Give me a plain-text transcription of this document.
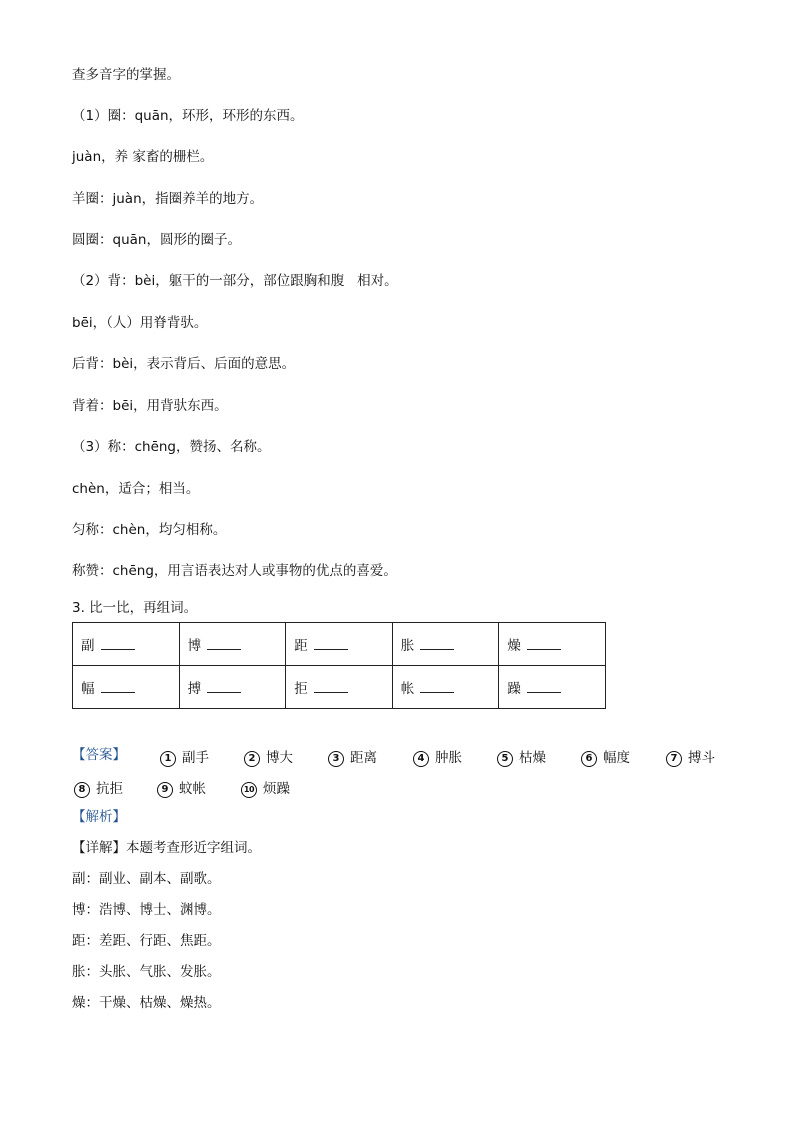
查多音字的掌握。
（1）圈：quān，环形，环形的东西。
juàn，养 家畜的栅栏。
羊圈：juàn，指圈养羊的地方。
圆圈：quān，圆形的圈子。
（2）背：bèi，躯干的一部分，部位跟胸和腹   相对。
bēi，（人）用脊背驮。
后背：bèi，表示背后、后面的意思。
背着：bēi，用背驮东西。
（3）称：chēng，赞扬、名称。
chèn，适合；相当。
匀称：chèn，均匀相称。
称赞：chēng，用言语表达对人或事物的优点的喜爱。
3. 比一比，再组词。
副	博	距	胀	燥
幅	搏	拒	帐	躁
【答案】	1 副手	2 博大	3 距离	4 肿胀	5 枯燥	6 幅度	7 搏斗
8 抗拒	9 蚊帐	10 烦躁
【解析】
【详解】本题考查形近字组词。
副：副业、副本、副歌。
博：浩博、博士、渊博。
距：差距、行距、焦距。
胀：头胀、气胀、发胀。
燥：干燥、枯燥、燥热。
